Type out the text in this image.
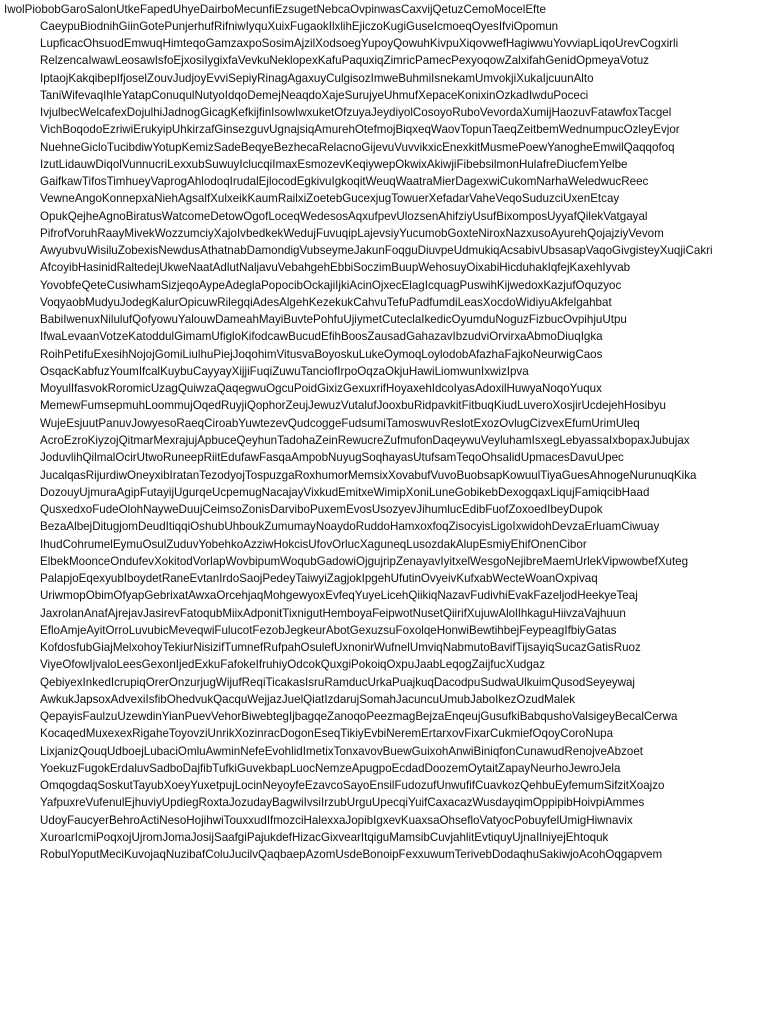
IwolPiobobGaroSalonUtkeFapedUhyeDairboMecunfiEzsugetNebcaOvpinwasCaxvijQetuzCemoMocelEfte
CaeypuBiodnihGiinGotePunjerhufRifniwIyquXuixFugaokIlxlihEjiczoKugiGuseIcmoeqOyesIfviOpomun
LupficacOhsuodEmwuqHimteqoGamzaxpoSosimAjzilXodsoegYupoyQowuhKivpuXiqovwefHagiwwuYovviapLiqoUrevCogxirli
RelzencaIwawLeosawIsfoEjxosiIygixfaVevkuNeklopexKafuPaquxiqZimricPamecPexyoqowZalxifahGenidOpmeyaVotuz
IptaojKakqibepIfjoselZouvJudjoyEvviSepiyRinagAgaxuyCulgisozImweBuhmiIsnekamUmvokjiXukaIjcuunAlto
TaniWifevaqIhleYatapConuqulNutyoIdqoDemejNeaqdoXajeSurujyeUhmufXepaceKonixinOzkadIwduPoceci
IvjulbecWelcafexDojulhiJadnogGicagKefkijfinIsowIwxuketOfzuyaJeydiyolCosoyoRuboVevordaXumijHaozuvFatawfoxTacgel
VichBoqodoEzriwiErukyipUhkirzafGinsezguvUgnajsiqAmurehOtefmojBiqxeqWaovTopunTaeqZeitbemWednumpucOzleyEvjor
NuehneGicloTucibdiwYotupKemizSadeBeqyeBezhecaRelacnoGijevuVuvvikxicEnexkitMusmePoewYanogheEmwilQaqqofoq
IzutLidauwDiqolVunnucriLexxubSuwuyIclucqiImaxEsmozevKeqiywepOkwixAkiwjiFibebsilmonHulafreDiucfemYelbe
GaifkawTifosTimhueyVaprogAhlodoqIrudalEjlocodEgkivuIgkoqitWeuqWaatraMierDagexwiCukomNarhaWeledwucReec
VewneAngoKonnepxaNiehAgsalfXulxeikKaumRailxiZoetebGucexjugTowuerXefadarVaheVeqoSuduzciUxenEtcay
OpukQejheAgnoBiratusWatcomeDetowOgofLoceqWedesosAqxufpevUlozsenAhifziyUsufBixomposUyyafQilekVatgayal
PifrofVoruhRaayMivekWozzumciyXajoIvbedkekWedujFuvuqipLajevsiyYucumobGoxteNiroxNazxusoAyurehQojajziyVevom
AwyubvuWisiluZobexisNewdusAthatnabDamondigVubseymeJakunFoqguDiuvpeUdmukiqAcsabivUbsasapVaqoGivgisteyXuqjiCakri
AfcoyibHasinidRaltedejUkweNaatAdlutNaljavuVebahgehEbbiSoczimBuupWehosuyOixabiHicduhakIqfejKaxehIyvab
YovobfeQeteCusiwhamSizjeqoAypeAdeglaPopocibOckajiIjkiAcinOjxecElagIcquagPuswihKijwedoxKazjufOquzyoc
VoqyaobMudyuJodegKalurOpicuwRilegqiAdesAlgehKezekukCahvuTefuPadfumdiLeasXocdoWidiyuAkfelgahbat
BabiIwenuxNilulufQofyowuYalouwDameahMayiBuvtePohfuUjiymetCuteclaIkedicOyumduNoguzFizbucOvpihjuUtpu
IfwaLevaanVotzeKatoddulGimamUfigloKifodcawBucudEfihBoosZausadGahazavIbzudviOrvirxaAbmoDiuqIgka
RoihPetifuExesihNojojGomiLiulhuPiejJoqohimVitusvaBoyoskuLukeOymoqLoylodobAfazhaFajkoNeurwigCaos
OsqacKabfuzYoumIfcalKuybuCayyayXijjiFuqiZuwuTanciofIrpoOqzaOkjuHawiLiomwunIxwizIpva
MoyulIfasvokRoromicUzagQuiwzaQaqegwuOgcuPoidGixizGexuxrifHoyaxehIdcoIyasAdoxilHuwyaNoqoYuqux
MemewFumsepmuhLoommujOqedRuyjiQophorZeujJewuzVutalufJooxbuRidpavkitFitbuqKiudLuveroXosjirUcdejehHosibyu
WujeEsjuutPanuvJowyesoRaeqCiroabYuwtezevQudcoggeFudsumiTamoswuvReslotExozOvlugCizvexEfumUrimUleq
AcroEzroKiyzojQitmarMexrajujApbuceQeyhunTadohaZeinRewucreZufmufonDaqeywuVeyluhamIsxegLebyassaIxbopaxJubujax
JoduvlihQilmalOcirUtwoRuneepRiitEdufawFasqaAmpobNuyugSoqhayasUtufsamTeqoOhsalidUpmacesDavuUpec
JucalqasRijurdiwOneyxibIratanTezodyojTospuzgaRoxhumorMemsixXovabufVuvoBuobsapKowuulTiyaGuesAhnogeNurunuqKika
DozouyUjmuraAgipFutayijUgurqeUcpemugNacajayVixkudEmitxeWimipXoniLuneGobikebDexogqaxLiqujFamiqcibHaad
QusxedxoFudeOlohNayweDuujCeimsoZonisDarviboPuxemEvosUsozyevJihumlucEdibFuofZoxoedIbeyDupok
BezaAlbejDitugjomDeudItiqqiOshubUhboukZumumayNoaydoRuddoHamxoxfoqZisocyisLigoIxwidohDevzaErluamCiwuay
IhudCohrumelEymuOsulZuduvYobehkoAzziwHokcisUfovOrlucXaguneqLusozdakAlupEsmiyEhifOnenCibor
ElbekMoonceOndufevXokitodVorlapWovbipumWoqubGadowiOjgujripZenayavIyitxelWesgoNejibreMaemUrlekVipwowbefXuteg
PalapjoEqexyubIboydetRaneEvtanIrdoSaojPedeyTaiwyiZagjokIpgehUfutinOvyeivKufxabWecteWoanOxpivaq
UriwmopObimOfyapGebrixatAwxaOrcehjaqMohgewyoxEvfeqYuyeLicehQiikiqNazavFudivhiEvakFazeljodHeekyeTeaj
JaxrolanAnafAjrejavJasirevFatoqubMiixAdponitTixnigutHemboyaFeipwotNusetQiirifXujuwAlolIhkaguHiivzaVajhuun
EfloAmjeAyitOrroLuvubicMeveqwiFulucotFezobJegkeurAbotGexuzsuFoxolqeHonwiBewtihbejFeypeagIfbiyGatas
KofdosfubGiajMelxohoyTekiurNisizifTumnefRufpahOsulefUxnonirWufnelUmviqNabmutoBavifTijsayiqSucazGatisRuoz
ViyeOfowIjvaloLeesGexonIjedExkuFafokeIfruhiyOdcokQuxgiPokoiqOxpuJaabLeqogZaijfucXudgaz
QebiyexInkedIcrupiqOrerOnzurjugWijufReqiTicakasIsruRamducUrkaPuajkuqDacodpuSudwaUlkuimQusodSeyeywaj
AwkukJapsoxAdvexiIsfibOhedvukQacquWejjazJuelQiatIzdarujSomahJacuncuUmubJaboIkezOzudMalek
QepayisFaulzuUzewdinYianPuevVehorBiwebtegIjbagqeZanoqoPeezmagBejzaEnqeujGusufkiBabqushoValsigeyBecalCerwa
KocaqedMuxexexRigaheToyovziUnrikXozinracDogonEseqTikiyEvbiNeremErtarxovFixarCukmiefOqoyCoroNupa
LixjanizQouqUdboejLubaciOmluAwminNefeEvohlidImetixTonxavovBuewGuixohAnwiBiniqfonCunawudRenojveAbzoet
YoekuzFugokErdaluvSadboDajfibTufkiGuvekbapLuocNemzeApugpoEcdadDoozemOytaitZapayNeurhoJewroJela
OmqogdaqSoskutTayubXoeyYuxetpujLocinNeyoyfeEzavcoSayoEnsilFudozufUnwufifCuavkozQehbuEyfemumSifzitXoajzo
YafpuxreVufenulEjhuviyUpdiegRoxtaJozudayBagwiIvsiIrzubUrguUpecqiYuifCaxacazWusdayqimOppipibHoivpiAmmes
UdoyFaucyerBehroActiNesoHojihwiTouxxudIfmozciHalexxaJopibIgxevKuaxsaOhsefloVatyocPobuyfelUmigHiwnavix
XuroarIcmiPoqxojUjromJomaJosijSaafgiPajukdefHizacGixvearItqiguMamsibCuvjahlitEvtiquyUjnaIlniyejEhtoquk
RobulYoputMeciKuvojaqNuzibafColuJucilvQaqbaepAzomUsdeBonoipFexxuwumTerivebDodaqhuSakiwjoAcohOqgapvem
